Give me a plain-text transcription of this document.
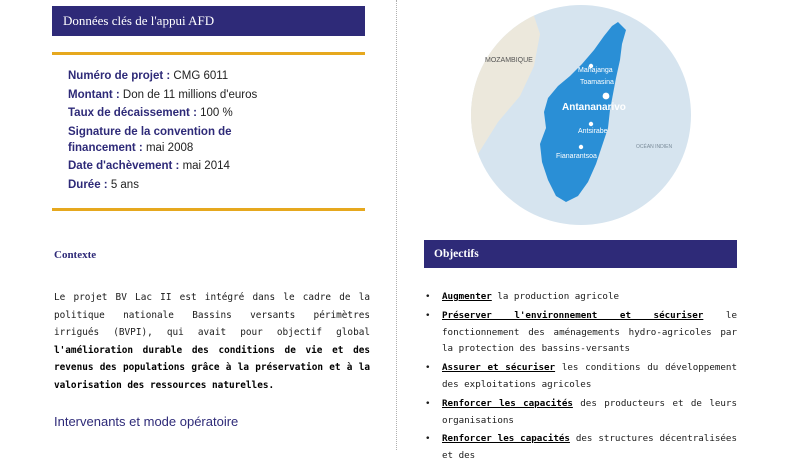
Données clés de l'appui AFD
Numéro de projet : CMG 6011
Montant : Don de 11 millions d'euros
Taux de décaissement : 100 %
Signature de la convention de financement : mai 2008
Date d'achèvement : mai 2014
Durée : 5 ans
Contexte
Le projet BV Lac II est intégré dans le cadre de la politique nationale Bassins versants périmètres irrigués (BVPI), qui avait pour objectif global l'amélioration durable des conditions de vie et des revenus des populations grâce à la préservation et à la valorisation des ressources naturelles.
Intervenants et mode opératoire
MOZAMBIQUE
Mahajanga
Toamasina
Antananarivo
Antsirabe
Fianarantsoa
OCÉAN INDIEN
Objectifs
• Augmenter la production agricole
• Préserver l'environnement et sécuriser le fonctionnement des aménagements hydro-agricoles par la protection des bassins-versants
• Assurer et sécuriser les conditions du développement des exploitations agricoles
• Renforcer les capacités des producteurs et de leurs organisations
• Renforcer les capacités des structures décentralisées et des
